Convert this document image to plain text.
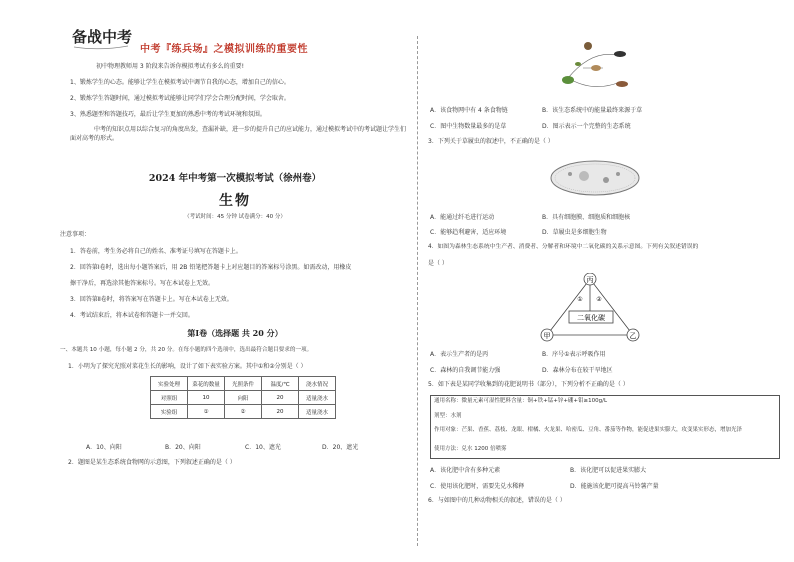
备战中考
中考『练兵场』之模拟训练的重要性
初中物理教师用 3 阶段来告诉你模拟考试有多么的重要!
1、锻炼学生的心态。能够让学生在模拟考试中调节自我的心态，增加自己的信心。
2、锻炼学生答题时间，通过模拟考试能够让同学们学会合理分配时间，学会取舍。
3、熟悉题型和答题技巧，最后让学生更加的熟悉中考的考试环境和氛围。
中考的知识点用以综合复习的角度出发，查漏补缺，进一步的提升自己的应试能力，通过模拟考试中的考试题让学生们面对高考的形式。
2024 年中考第一次模拟考试（徐州卷）
生物
（考试时间：45 分钟 试卷满分：40 分）
注意事项：
1．答卷前，考生务必将自己的姓名、准考证号填写在答题卡上。
2．回答第Ⅰ卷时，选出每小题答案后，用 2B 铅笔把答题卡上对应题目的答案标号涂黑。如需改动，用橡皮
擦干净后，再选涂其他答案标号。写在本试卷上无效。
3．回答第Ⅱ卷时，将答案写在答题卡上。写在本试卷上无效。
4．考试结束后，将本试卷和答题卡一并交回。
第Ⅰ卷（选择题 共 20 分）
一、本题共 10 小题，每小题 2 分，共 20 分。在每小题的四个选项中，选出最符合题目要求的一项。
1．小明为了探究光照对菜花生长的影响，设计了如下表实验方案。其中①和②分别是（ ）
实验处理	菜花的数量	光照条件	温度/℃	浇水情况
对照组	10	向阳	20	适量浇水
实验组	①	②	20	适量浇水
A．10、向阳	B．20、向阳	C．10、遮光	D．20、遮光
2．题图是某生态系统食物网的示意图，下列叙述正确的是（ ）
A．该食物网中有 4 条食物链	B．该生态系统中的能量最终来源于草
C．图中生物数量最多的是草	D．图示表示一个完整的生态系统
3．下列关于草履虫的叙述中，不正确的是（ ）
A．能通过纤毛进行运动	B．具有细胞膜、细胞质和细胞核
C．能够趋利避害，适应环境	D．草履虫是多细胞生物
4．如图为森林生态系统中生产者、消费者、分解者和环境中二氧化碳的关系示意图。下列有关叙述错误的
是（ ）
二氧化碳
丙
甲	乙
① ②
A．表示生产者的是丙	B．序号①表示呼吸作用
C．森林的自我调节能力强	D．森林分布在较干旱地区
5．如下表是某同学收集到的花肥说明书（部分），下列分析不正确的是（ ）
通用名称：微量元素可湿性肥料含量：铜+铁+锰+锌+硼+钼≥100g/L
剂型：水剂
作用对象：芒果、香蕉、荔枝、龙眼、柑橘、火龙果、哈密瓜、豆角、番茄等作物，能促进果实膨大，攻变果实形态，增加光泽
使用方法：兑水 1200 倍喷雾
A．该化肥中含有多种元素	B．该化肥可以促进果实膨大
C．使用该化肥时，需要先兑水稀释	D．能施该化肥可提高马铃薯产量
6．与如图中的几种动物相关的叙述，错误的是（ ）
